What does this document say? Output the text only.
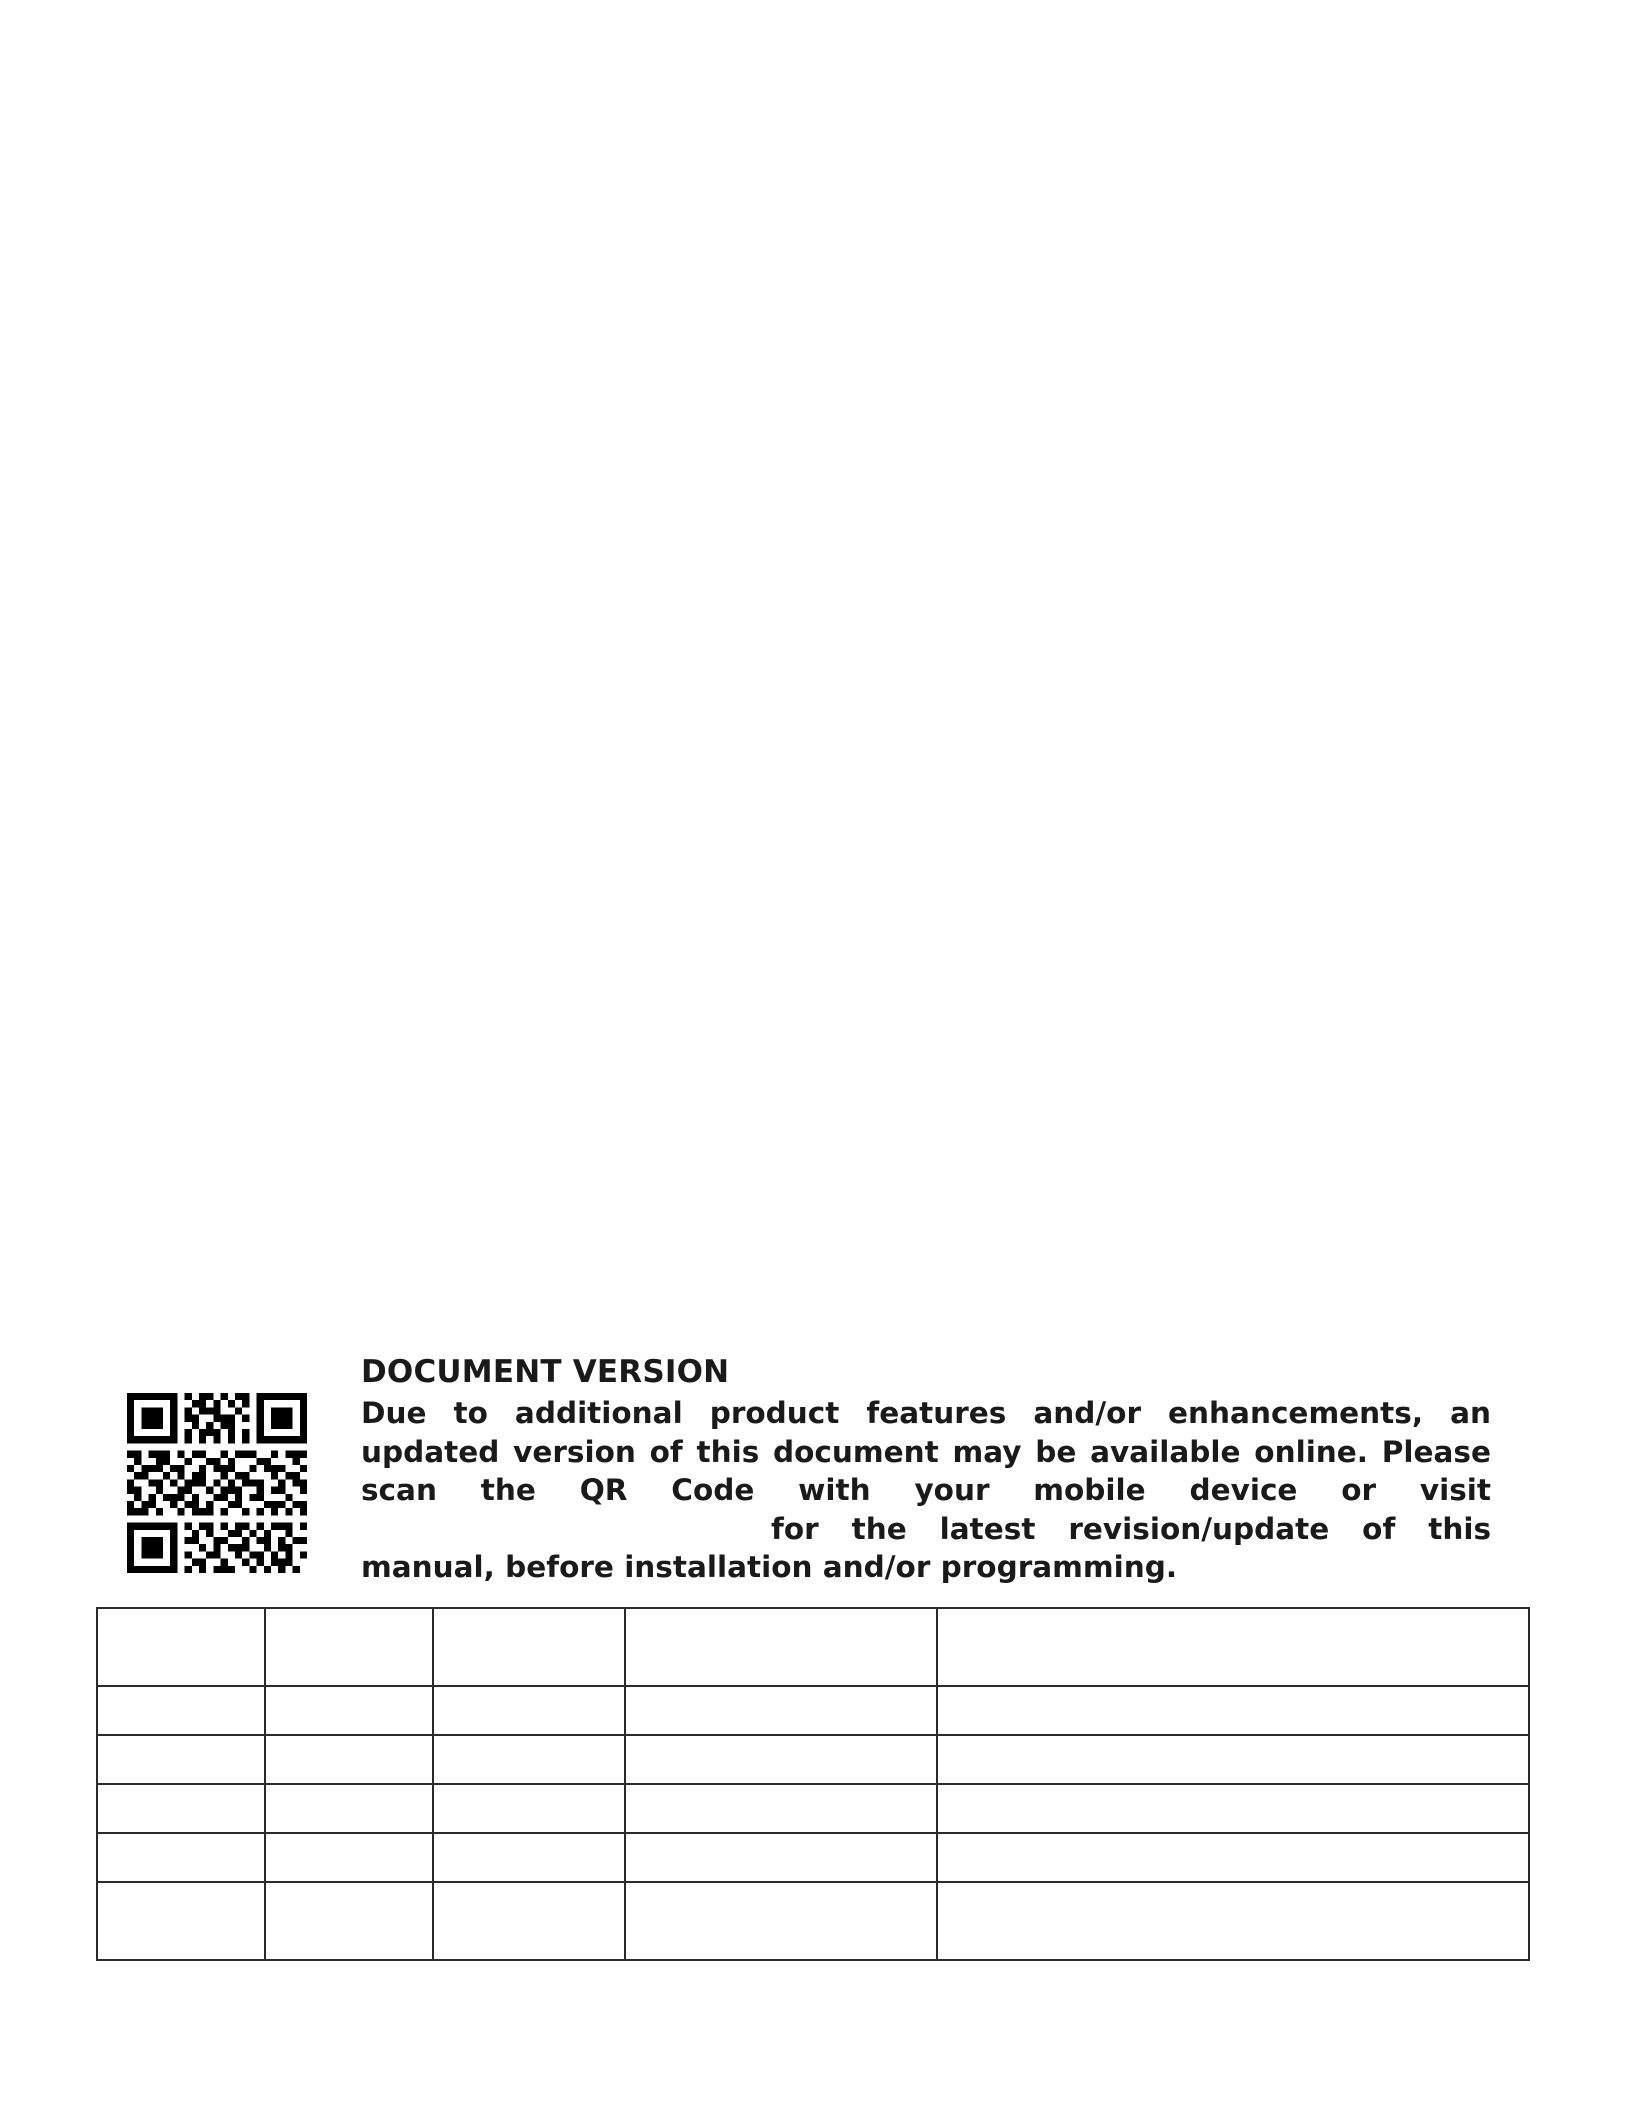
DOCUMENT VERSION

Due to additional product features and/or enhancements, an updated version of this document may be available online. Please scan the QR Code with your mobile device or visitfor the latest revision/update of this manual, before installation and/or programming.
